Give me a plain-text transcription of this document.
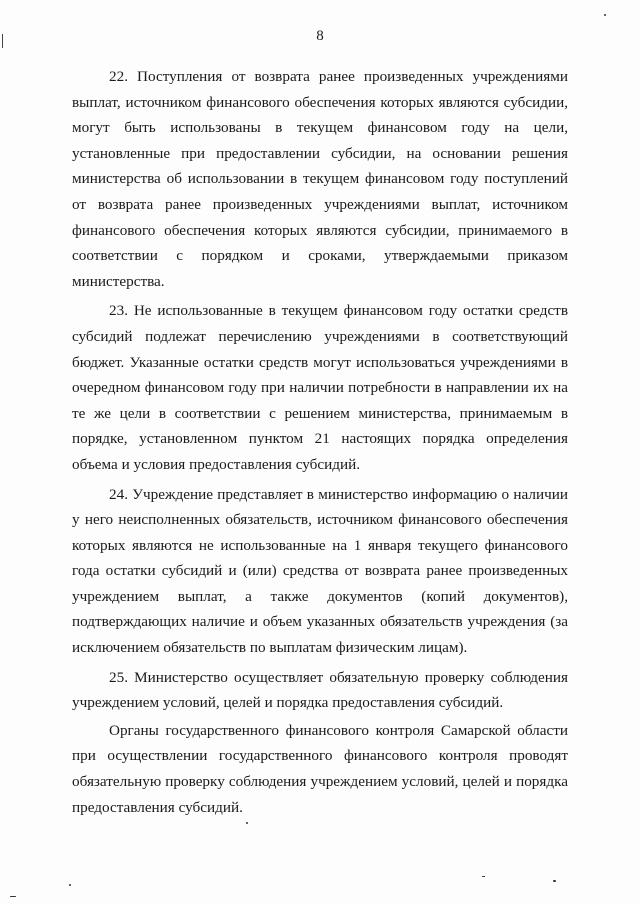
8

22. Поступления от возврата ранее произведенных учреждениями выплат, источником финансового обеспечения которых являются субсидии, могут быть использованы в текущем финансовом году на цели, установленные при предоставлении субсидии, на основании решения министерства об использовании в текущем финансовом году поступлений от возврата ранее произведенных учреждениями выплат, источником финансового обеспечения которых являются субсидии, принимаемого в соответствии с порядком и сроками, утверждаемыми приказом министерства.

23. Не использованные в текущем финансовом году остатки средств субсидий подлежат перечислению учреждениями в соответствующий бюджет. Указанные остатки средств могут использоваться учреждениями в очередном финансовом году при наличии потребности в направлении их на те же цели в соответствии с решением министерства, принимаемым в порядке, установленном пунктом 21 настоящих порядка определения объема и условия предоставления субсидий.

24. Учреждение представляет в министерство информацию о наличии у него неисполненных обязательств, источником финансового обеспечения которых являются не использованные на 1 января текущего финансового года остатки субсидий и (или) средства от возврата ранее произведенных учреждением выплат, а также документов (копий документов), подтверждающих наличие и объем указанных обязательств учреждения (за исключением обязательств по выплатам физическим лицам).

25. Министерство осуществляет обязательную проверку соблюдения учреждением условий, целей и порядка предоставления субсидий.

Органы государственного финансового контроля Самарской области при осуществлении государственного финансового контроля проводят обязательную проверку соблюдения учреждением условий, целей и порядка предоставления субсидий.
